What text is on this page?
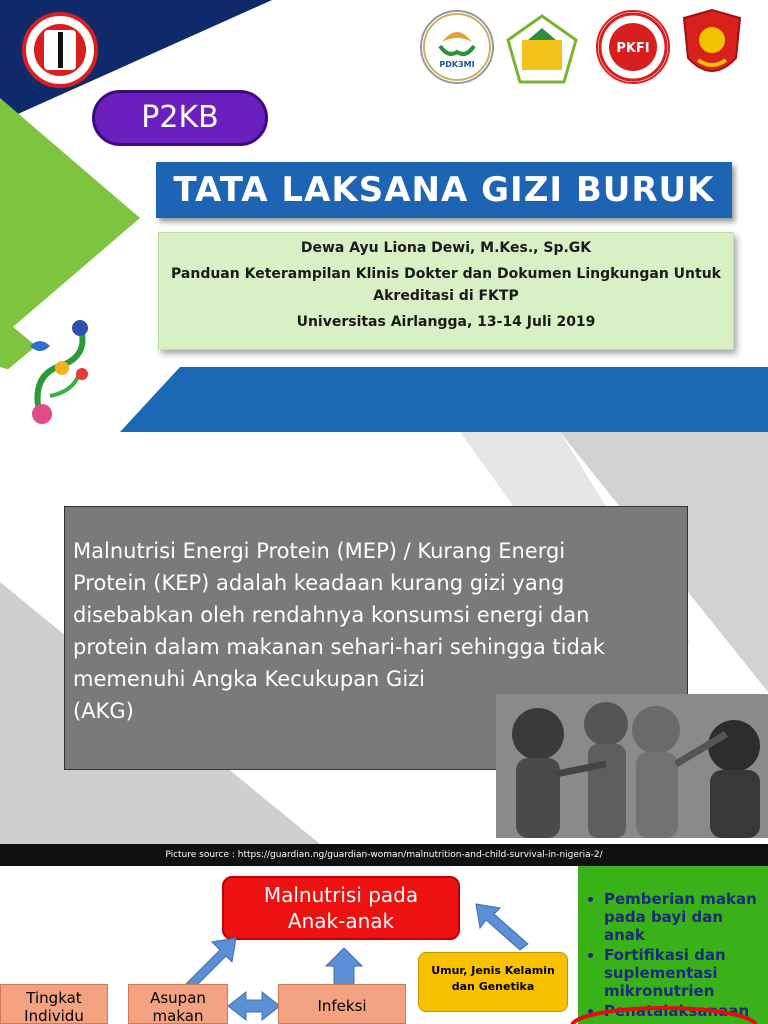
PDK3MI
PKFI
P2KB
TATA LAKSANA GIZI BURUK
Dewa Ayu Liona Dewi, M.Kes., Sp.GK
Panduan Keterampilan Klinis Dokter dan Dokumen Lingkungan Untuk
Akreditasi di FKTP
Universitas Airlangga, 13-14 Juli 2019
Malnutrisi Energi Protein (MEP) / Kurang Energi
Protein (KEP) adalah keadaan kurang gizi yang
disebabkan oleh rendahnya konsumsi energi dan
protein dalam makanan sehari-hari sehingga tidak
memenuhi Angka Kecukupan Gizi
(AKG)
Picture source : https://guardian.ng/guardian-woman/malnutrition-and-child-survival-in-nigeria-2/
Malnutrisi pada
Anak-anak
Umur, Jenis Kelamin
dan Genetika
Tingkat
Individu
Asupan
makan
Infeksi
• Pemberian makan pada bayi dan anak
• Fortifikasi dan suplementasi mikronutrien
• Penatalaksanaan
